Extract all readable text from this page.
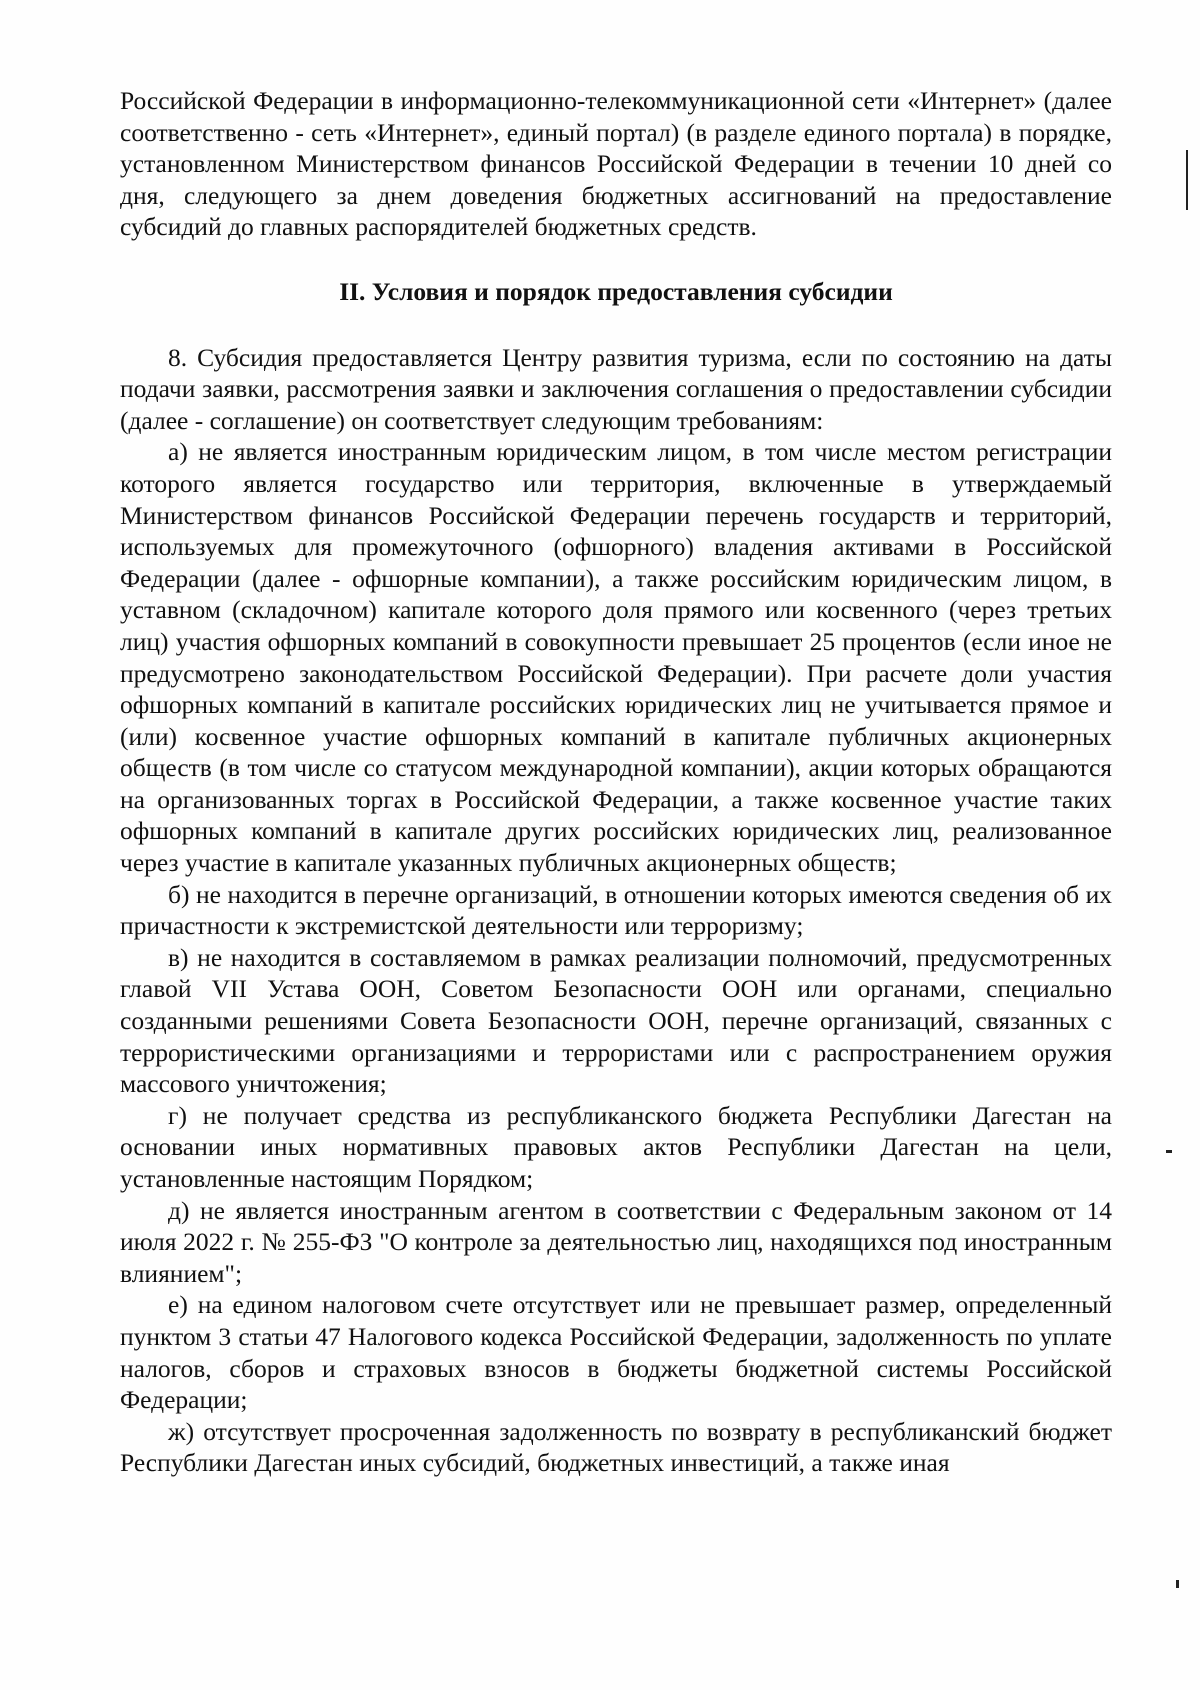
Российской Федерации в информационно-телекоммуникационной сети «Интернет» (далее соответственно - сеть «Интернет», единый портал) (в разделе единого портала) в порядке, установленном Министерством финансов Российской Федерации в течении 10 дней со дня, следующего за днем доведения бюджетных ассигнований на предоставление субсидий до главных распорядителей бюджетных средств.

II. Условия и порядок предоставления субсидии

8. Субсидия предоставляется Центру развития туризма, если по состоянию на даты подачи заявки, рассмотрения заявки и заключения соглашения о предоставлении субсидии (далее - соглашение) он соответствует следующим требованиям:

а) не является иностранным юридическим лицом, в том числе местом регистрации которого является государство или территория, включенные в утверждаемый Министерством финансов Российской Федерации перечень государств и территорий, используемых для промежуточного (офшорного) владения активами в Российской Федерации (далее - офшорные компании), а также российским юридическим лицом, в уставном (складочном) капитале которого доля прямого или косвенного (через третьих лиц) участия офшорных компаний в совокупности превышает 25 процентов (если иное не предусмотрено законодательством Российской Федерации). При расчете доли участия офшорных компаний в капитале российских юридических лиц не учитывается прямое и (или) косвенное участие офшорных компаний в капитале публичных акционерных обществ (в том числе со статусом международной компании), акции которых обращаются на организованных торгах в Российской Федерации, а также косвенное участие таких офшорных компаний в капитале других российских юридических лиц, реализованное через участие в капитале указанных публичных акционерных обществ;

б) не находится в перечне организаций, в отношении которых имеются сведения об их причастности к экстремистской деятельности или терроризму;

в) не находится в составляемом в рамках реализации полномочий, предусмотренных главой VII Устава ООН, Советом Безопасности ООН или органами, специально созданными решениями Совета Безопасности ООН, перечне организаций, связанных с террористическими организациями и террористами или с распространением оружия массового уничтожения;

г) не получает средства из республиканского бюджета Республики Дагестан на основании иных нормативных правовых актов Республики Дагестан на цели, установленные настоящим Порядком;

д) не является иностранным агентом в соответствии с Федеральным законом от 14 июля 2022 г. № 255-ФЗ "О контроле за деятельностью лиц, находящихся под иностранным влиянием";

е) на едином налоговом счете отсутствует или не превышает размер, определенный пунктом 3 статьи 47 Налогового кодекса Российской Федерации, задолженность по уплате налогов, сборов и страховых взносов в бюджеты бюджетной системы Российской Федерации;

ж) отсутствует просроченная задолженность по возврату в республиканский бюджет Республики Дагестан иных субсидий, бюджетных инвестиций, а также иная
